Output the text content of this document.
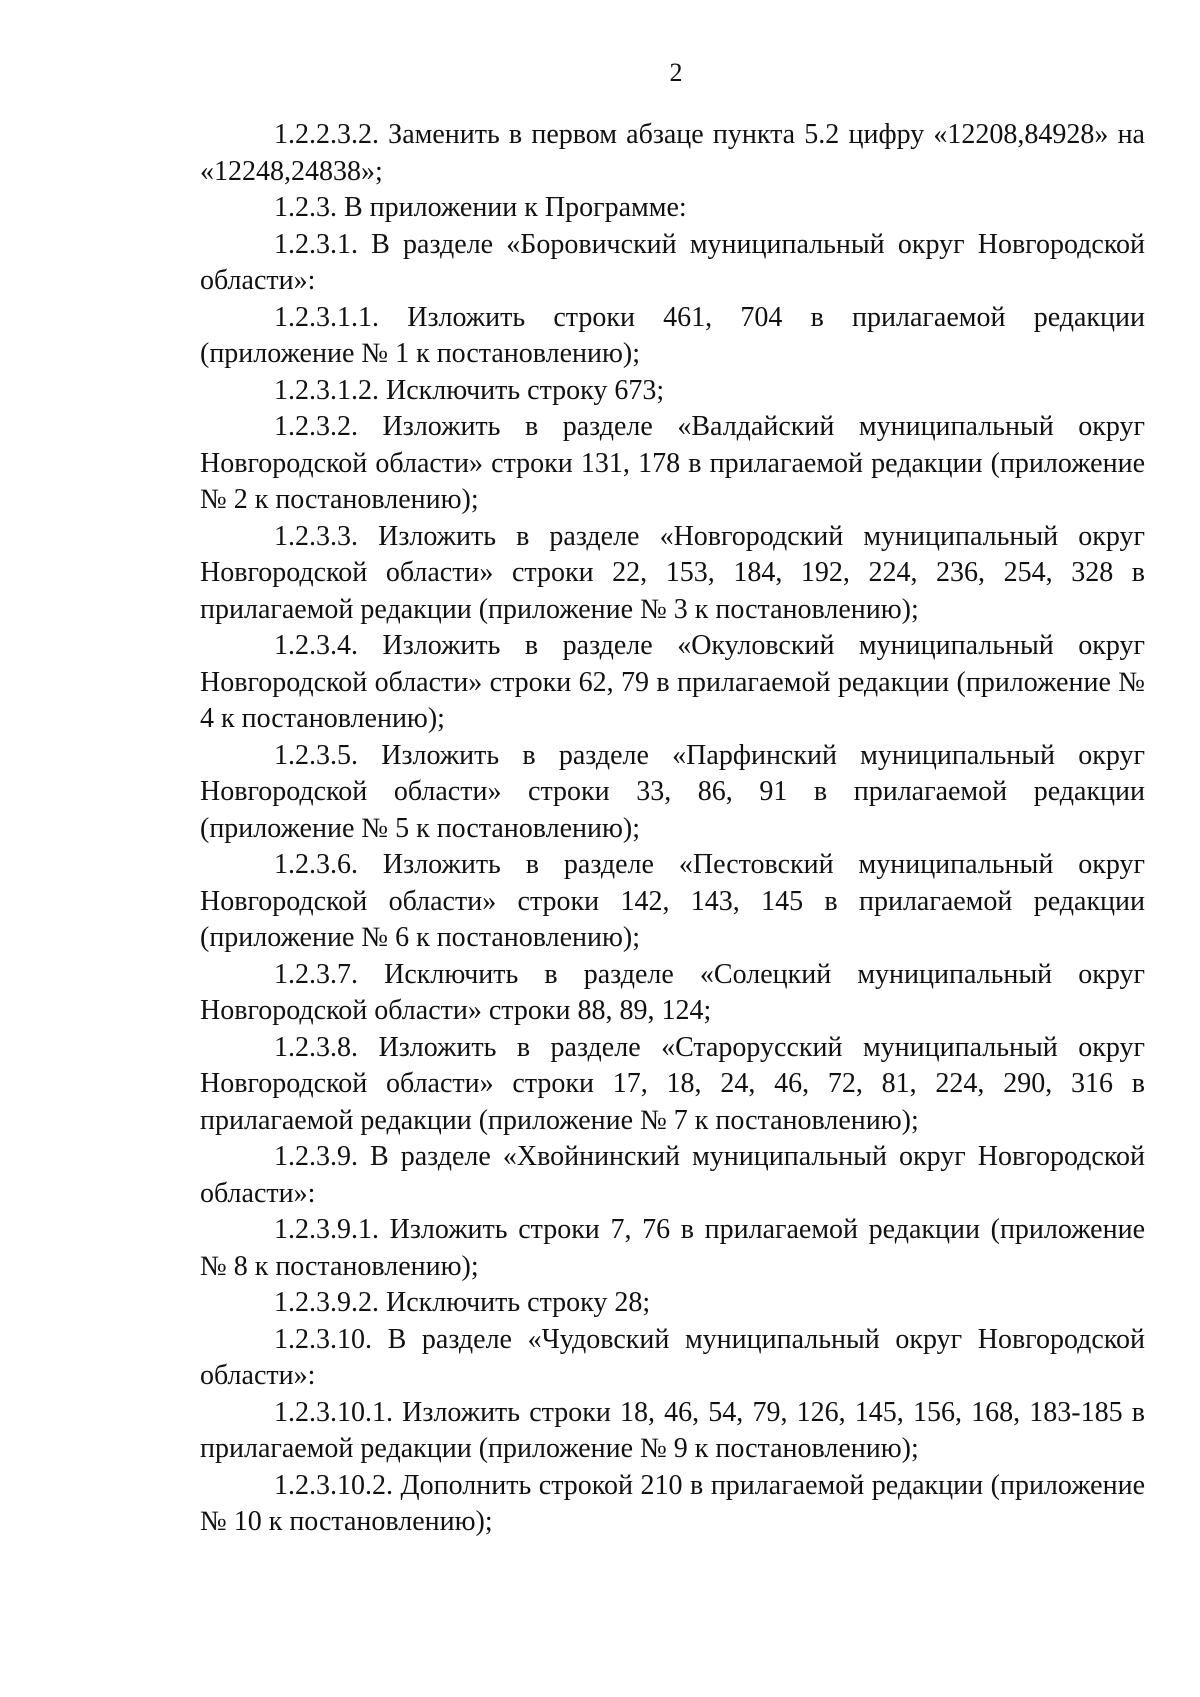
2

1.2.2.3.2. Заменить в первом абзаце пункта 5.2 цифру «12208,84928» на «12248,24838»;

1.2.3. В приложении к Программе:

1.2.3.1. В разделе «Боровичский муниципальный округ Новгородской области»:

1.2.3.1.1. Изложить строки 461, 704 в прилагаемой редакции (приложение № 1 к постановлению);

1.2.3.1.2. Исключить строку 673;

1.2.3.2. Изложить в разделе «Валдайский муниципальный округ Новгородской области» строки 131, 178 в прилагаемой редакции (приложение № 2 к постановлению);

1.2.3.3. Изложить в разделе «Новгородский муниципальный округ Новгородской области» строки 22, 153, 184, 192, 224, 236, 254, 328 в прилагаемой редакции (приложение № 3 к постановлению);

1.2.3.4. Изложить в разделе «Окуловский муниципальный округ Новгородской области» строки 62, 79 в прилагаемой редакции (приложение № 4 к постановлению);

1.2.3.5. Изложить в разделе «Парфинский муниципальный округ Новгородской области» строки 33, 86, 91 в прилагаемой редакции (приложение № 5 к постановлению);

1.2.3.6. Изложить в разделе «Пестовский муниципальный округ Новгородской области» строки 142, 143, 145 в прилагаемой редакции (приложение № 6 к постановлению);

1.2.3.7. Исключить в разделе «Солецкий муниципальный округ Новгородской области» строки 88, 89, 124;

1.2.3.8. Изложить в разделе «Старорусский муниципальный округ Новгородской области» строки 17, 18, 24, 46, 72, 81, 224, 290, 316 в прилагаемой редакции (приложение № 7 к постановлению);

1.2.3.9. В разделе «Хвойнинский муниципальный округ Новгородской области»:

1.2.3.9.1. Изложить строки 7, 76 в прилагаемой редакции (приложение № 8 к постановлению);

1.2.3.9.2. Исключить строку 28;

1.2.3.10. В разделе «Чудовский муниципальный округ Новгородской области»:

1.2.3.10.1. Изложить строки 18, 46, 54, 79, 126, 145, 156, 168, 183-185 в прилагаемой редакции (приложение № 9 к постановлению);

1.2.3.10.2. Дополнить строкой 210 в прилагаемой редакции (приложение № 10 к постановлению);
